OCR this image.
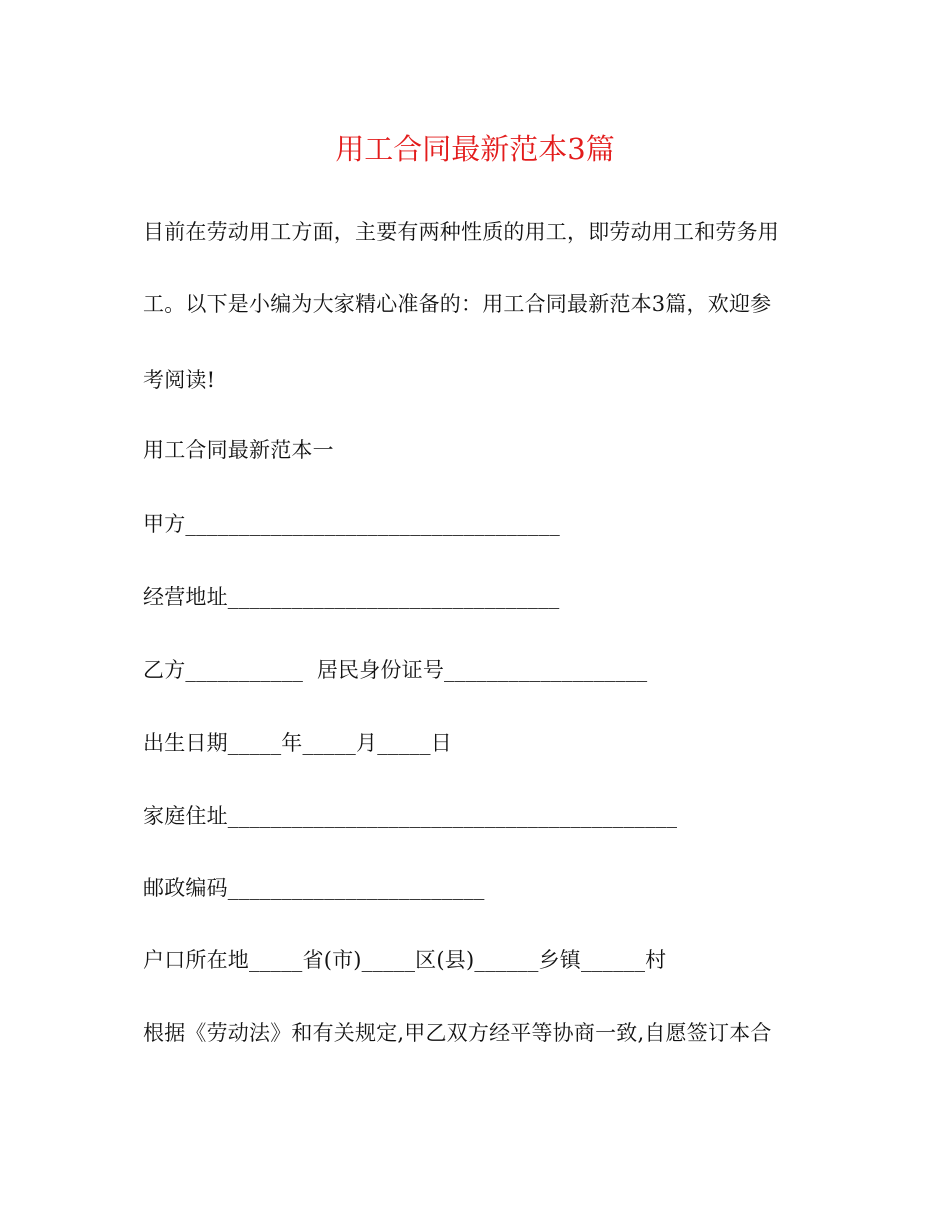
用工合同最新范本3篇
目前在劳动用工方面，主要有两种性质的用工，即劳动用工和劳务用
工。以下是小编为大家精心准备的：用工合同最新范本3篇，欢迎参
考阅读!
用工合同最新范本一
甲方___________________________________
经营地址_______________________________
乙方___________  居民身份证号___________________
出生日期_____年_____月_____日
家庭住址__________________________________________
邮政编码________________________
户口所在地_____省(市)_____区(县)______乡镇______村
根据《劳动法》和有关规定,甲乙双方经平等协商一致,自愿签订本合
